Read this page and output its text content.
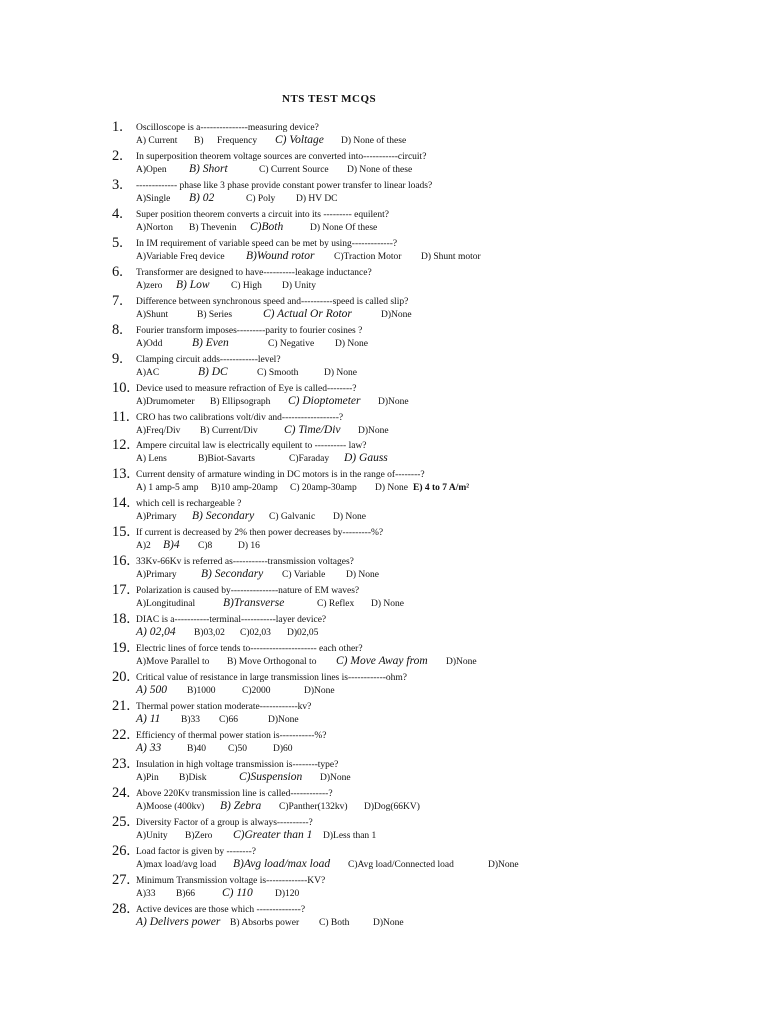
NTS TEST MCQS
1. Oscilloscope is a---------------measuring device?
A) Current B) Frequency C) Voltage D) None of these
2. In superposition theorem voltage sources are converted into-----------circuit?
A)Open B) Short	C) Current Source D) None of these
3. ------------- phase like 3 phase provide constant power transfer to linear loads?
A)Single B) 02	C) Poly D) HV DC
4. Super position theorem converts a circuit into its --------- equilent?
A)Norton B) Thevenin C)Both	D) None Of these
5. In IM requirement of variable speed can be met by using-------------?
A)Variable Freq device B)Wound rotor C)Traction Motor D) Shunt motor
6. Transformer are designed to have----------leakage inductance?
A)zero B) Low C) High D) Unity
7. Difference between synchronous speed and----------speed is called slip?
A)Shunt	B) Series	C) Actual Or Rotor	D)None
8. Fourier transform imposes---------parity to fourier cosines ?
A)Odd	B) Even	C) Negative D) None
9. Clamping circuit adds------------level?
A)AC	B) DC	C) Smooth	D) None
10. Device used to measure refraction of Eye is called--------?
A)Drumometer B) Ellipsograph C) Dioptometer D)None
11. CRO has two calibrations volt/div and------------------?
A)Freq/Div B) Current/Div C) Time/Div D)None
12. Ampere circuital law is electrically equilent to ---------- law?
A) Lens	B)Biot-Savarts	C)Faraday D) Gauss
13. Current density of armature winding in DC motors is in the range of--------?
A) 1 amp-5 amp B)10 amp-20amp C) 20amp-30amp D) None E) 4 to 7 A/m²
14. which cell is rechargeable ?
A)Primary B) Secondary C) Galvanic D) None
15. If current is decreased by 2% then power decreases by---------%?
A)2 B)4 C)8	D) 16
16. 33Kv-66Kv is referred as-----------transmission voltages?
A)Primary B) Secondary C) Variable D) None
17. Polarization is caused by---------------nature of EM waves?
A)Longitudinal B)Transverse	C) Reflex D) None
18. DIAC is a-----------terminal-----------layer device?
A) 02,04 B)03,02 C)02,03 D)02,05
19. Electric lines of force tends to--------------------- each other?
A)Move Parallel to B) Move Orthogonal to C) Move Away from D)None
20. Critical value of resistance in large transmission lines is------------ohm?
A) 500 B)1000	C)2000	D)None
21. Thermal power station moderate------------kv?
A) 11 B)33 C)66	D)None
22. Efficiency of thermal power station is-----------%?
A) 33	B)40 C)50	D)60
23. Insulation in high voltage transmission is--------type?
A)Pin B)Disk	C)Suspension D)None
24. Above 220Kv transmission line is called------------?
A)Moose (400kv) B) Zebra C)Panther(132kv) D)Dog(66KV)
25. Diversity Factor of a group is always----------?
A)Unity B)Zero C)Greater than 1 D)Less than 1
26. Load factor is given by --------?
A)max load/avg load B)Avg load/max load C)Avg load/Connected load	D)None
27. Minimum Transmission voltage is-------------KV?
A)33 B)66 C) 110 D)120
28. Active devices are those which --------------?
A) Delivers power B) Absorbs power C) Both D)None
